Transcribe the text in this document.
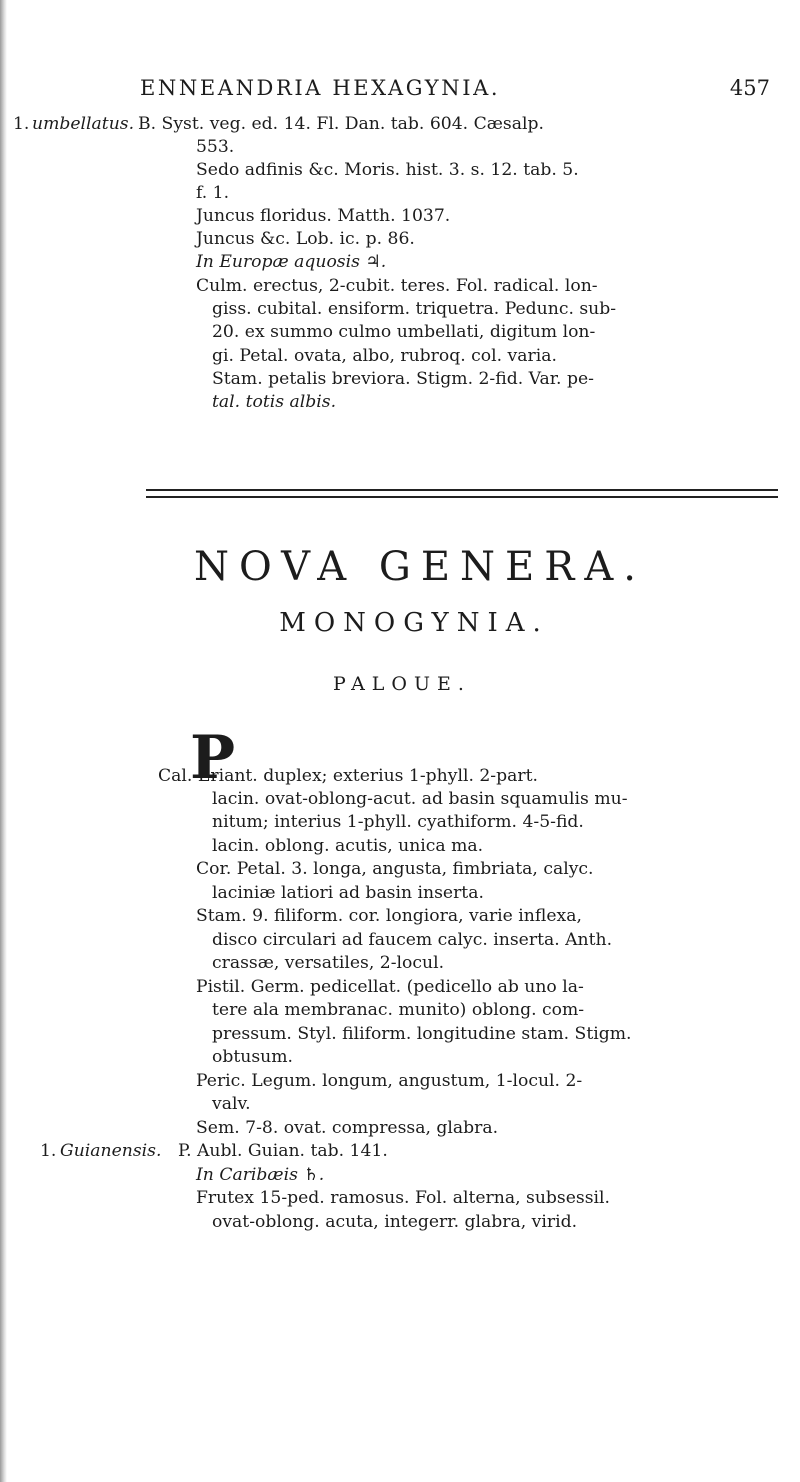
ENNEANDRIA HEXAGYNIA.	457
1. umbellatus. B. Syst. veg. ed. 14. Fl. Dan. tab. 604. Cæsalp.
553.
Sedo adfinis &c. Moris. hist. 3. s. 12. tab. 5.
f. 1.
Juncus floridus. Matth. 1037.
Juncus &c. Lob. ic. p. 86.
In Europæ aquosis ♃.
Culm. erectus, 2-cubit. teres. Fol. radical. lon-
giss. cubital. ensiform. triquetra. Pedunc. sub-
20. ex summo culmo umbellati, digitum lon-
gi. Petal. ovata, albo, rubroq. col. varia.
Stam. petalis breviora. Stigm. 2-fid. Var. pe-
tal. totis albis.
NOVA GENERA.
MONOGYNIA.
PALOUE.
P
Cal. Eriant. duplex; exterius 1-phyll. 2-part.
lacin. ovat-oblong-acut. ad basin squamulis mu-
nitum; interius 1-phyll. cyathiform. 4-5-fid.
lacin. oblong. acutis, unica ma.
Cor. Petal. 3. longa, angusta, fimbriata, calyc.
laciniæ latiori ad basin inserta.
Stam. 9. filiform. cor. longiora, varie inflexa,
disco circulari ad faucem calyc. inserta. Anth.
crassæ, versatiles, 2-locul.
Pistil. Germ. pedicellat. (pedicello ab uno la-
tere ala membranac. munito) oblong. com-
pressum. Styl. filiform. longitudine stam. Stigm.
obtusum.
Peric. Legum. longum, angustum, 1-locul. 2-
valv.
Sem. 7-8. ovat. compressa, glabra.
1. Guianensis. P. Aubl. Guian. tab. 141.
In Caribæis ♄.
Frutex 15-ped. ramosus. Fol. alterna, subsessil.
ovat-oblong. acuta, integerr. glabra, virid.
